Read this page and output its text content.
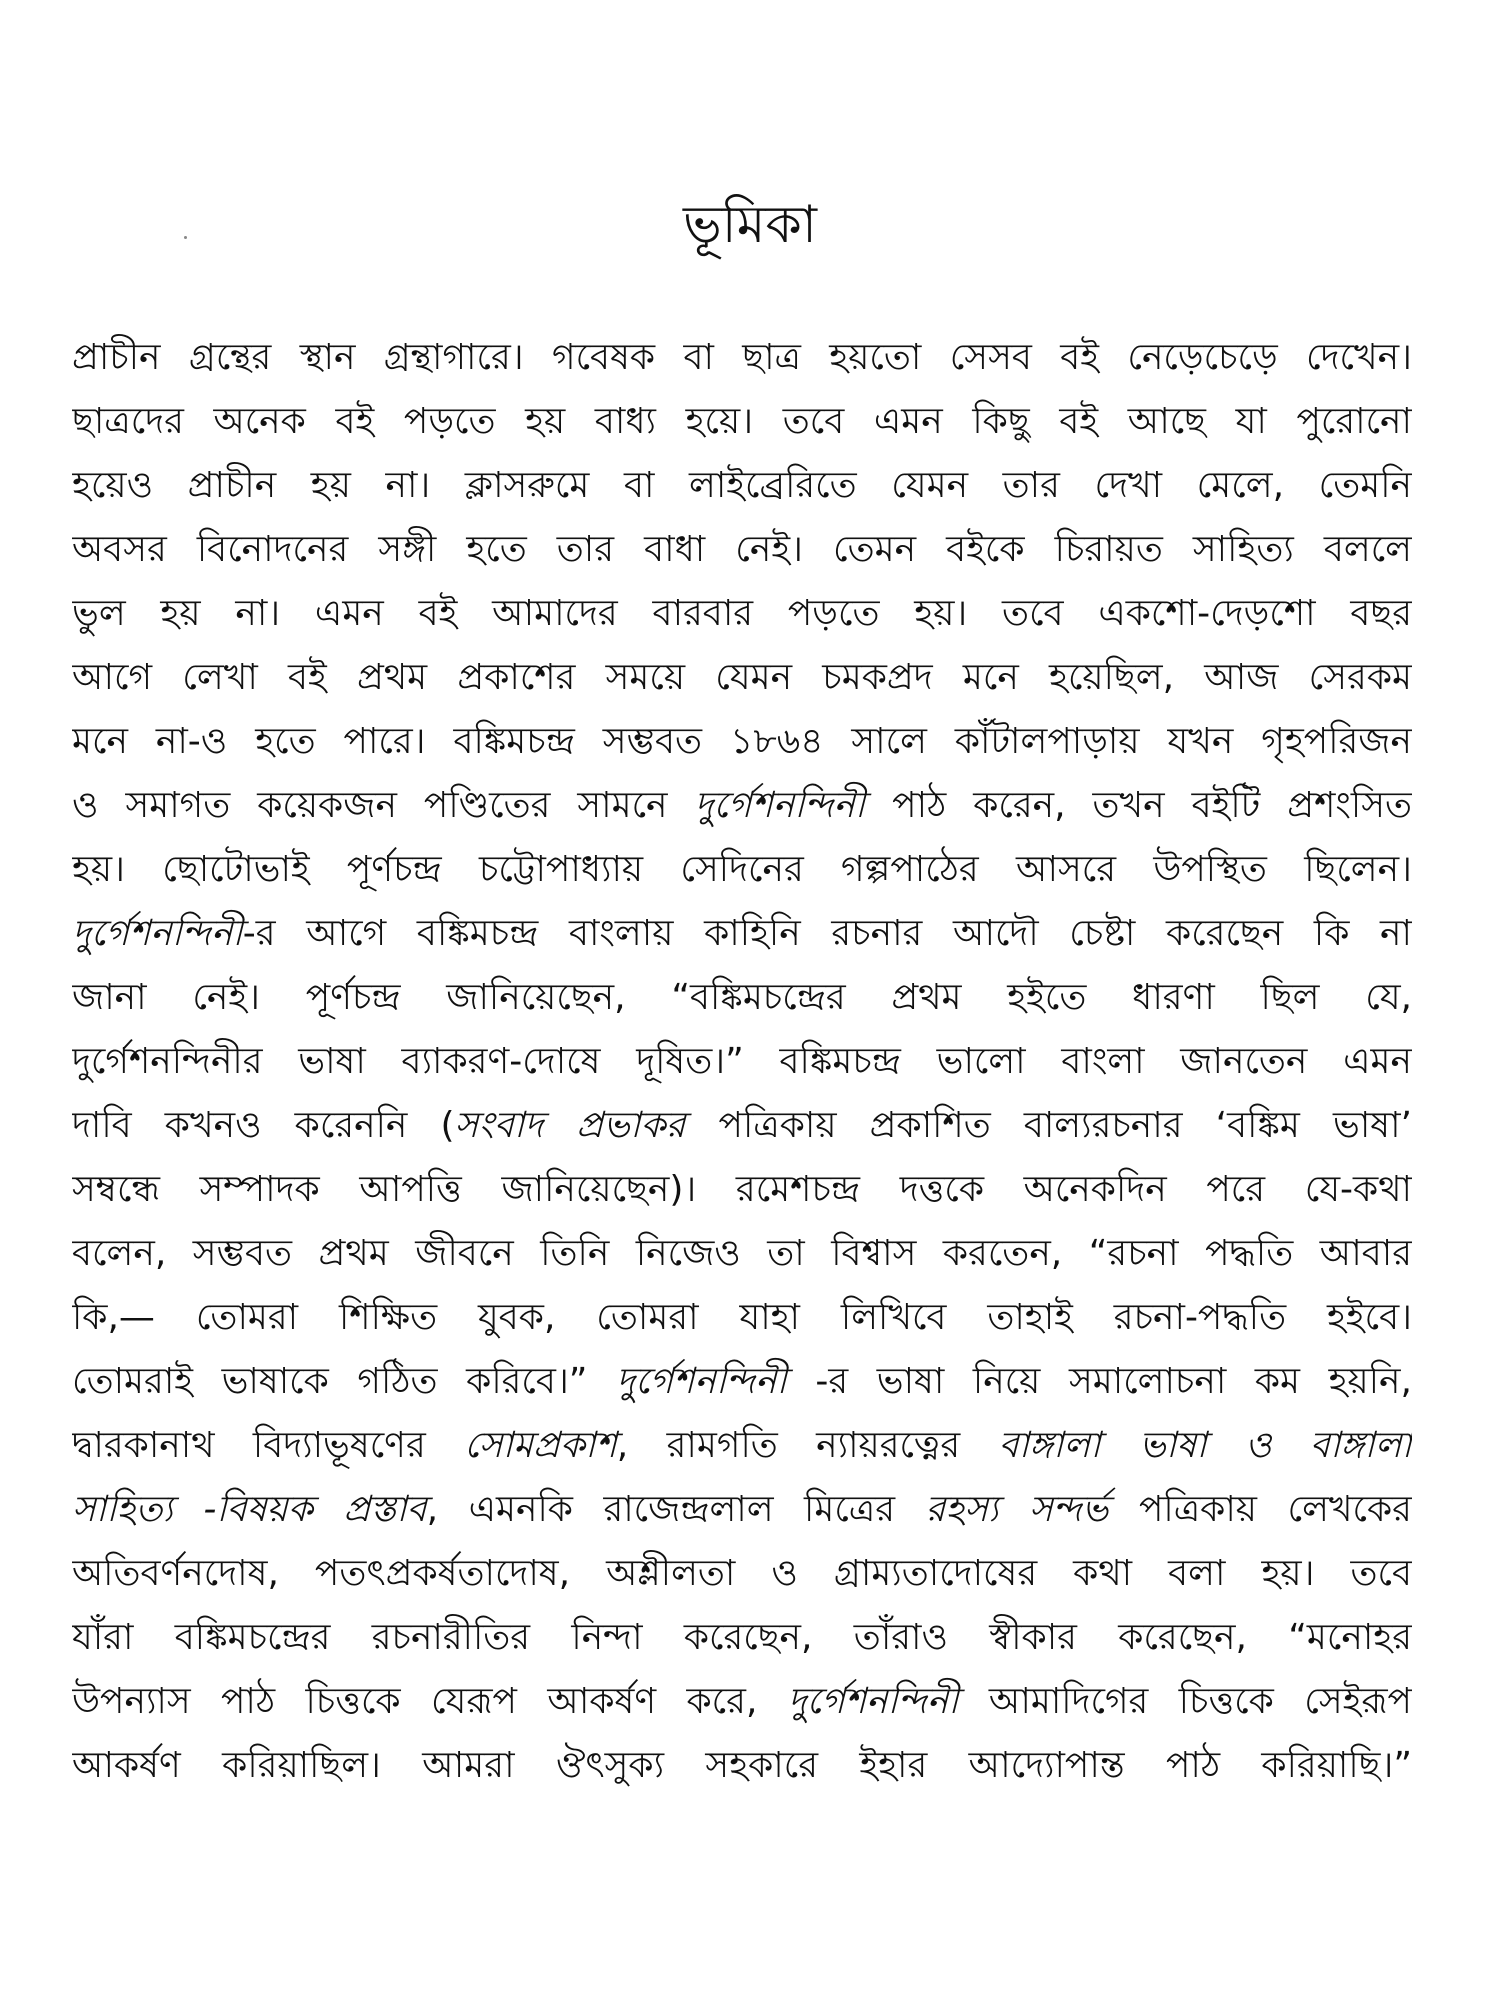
ভূমিকা
প্রাচীন গ্রন্থের স্থান গ্রন্থাগারে। গবেষক বা ছাত্র হয়তো সেসব বই নেড়েচেড়ে দেখেন।
ছাত্রদের অনেক বই পড়তে হয় বাধ্য হয়ে। তবে এমন কিছু বই আছে যা পুরোনো
হয়েও প্রাচীন হয় না। ক্লাসরুমে বা লাইব্রেরিতে যেমন তার দেখা মেলে, তেমনি
অবসর বিনোদনের সঙ্গী হতে তার বাধা নেই। তেমন বইকে চিরায়ত সাহিত্য বললে
ভুল হয় না। এমন বই আমাদের বারবার পড়তে হয়। তবে একশো-দেড়শো বছর
আগে লেখা বই প্রথম প্রকাশের সময়ে যেমন চমকপ্রদ মনে হয়েছিল, আজ সেরকম
মনে না-ও হতে পারে। বঙ্কিমচন্দ্র সম্ভবত ১৮৬৪ সালে কাঁটালপাড়ায় যখন গৃহপরিজন
ও সমাগত কয়েকজন পণ্ডিতের সামনে দুর্গেশনন্দিনী পাঠ করেন, তখন বইটি প্রশংসিত
হয়। ছোটোভাই পূর্ণচন্দ্র চট্টোপাধ্যায় সেদিনের গল্পপাঠের আসরে উপস্থিত ছিলেন।
দুর্গেশনন্দিনী-র আগে বঙ্কিমচন্দ্র বাংলায় কাহিনি রচনার আদৌ চেষ্টা করেছেন কি না
জানা নেই। পূর্ণচন্দ্র জানিয়েছেন, “বঙ্কিমচন্দ্রের প্রথম হইতে ধারণা ছিল যে,
দুর্গেশনন্দিনীর ভাষা ব্যাকরণ-দোষে দূষিত।” বঙ্কিমচন্দ্র ভালো বাংলা জানতেন এমন
দাবি কখনও করেননি (সংবাদ প্রভাকর পত্রিকায় প্রকাশিত বাল্যরচনার ‘বঙ্কিম ভাষা’
সম্বন্ধে সম্পাদক আপত্তি জানিয়েছেন)। রমেশচন্দ্র দত্তকে অনেকদিন পরে যে-কথা
বলেন, সম্ভবত প্রথম জীবনে তিনি নিজেও তা বিশ্বাস করতেন, “রচনা পদ্ধতি আবার
কি,— তোমরা শিক্ষিত যুবক, তোমরা যাহা লিখিবে তাহাই রচনা-পদ্ধতি হইবে।
তোমরাই ভাষাকে গঠিত করিবে।” দুর্গেশনন্দিনী -র ভাষা নিয়ে সমালোচনা কম হয়নি,
দ্বারকানাথ বিদ্যাভূষণের সোমপ্রকাশ, রামগতি ন্যায়রত্নের বাঙ্গালা ভাষা ও বাঙ্গালা
সাহিত্য -বিষয়ক প্রস্তাব, এমনকি রাজেন্দ্রলাল মিত্রের রহস্য সন্দর্ভ পত্রিকায় লেখকের
অতিবর্ণনদোষ, পতৎপ্রকর্ষতাদোষ, অশ্লীলতা ও গ্রাম্যতাদোষের কথা বলা হয়। তবে
যাঁরা বঙ্কিমচন্দ্রের রচনারীতির নিন্দা করেছেন, তাঁরাও স্বীকার করেছেন, “মনোহর
উপন্যাস পাঠ চিত্তকে যেরূপ আকর্ষণ করে, দুর্গেশনন্দিনী আমাদিগের চিত্তকে সেইরূপ
আকর্ষণ করিয়াছিল। আমরা ঔৎসুক্য সহকারে ইহার আদ্যোপান্ত পাঠ করিয়াছি।”
